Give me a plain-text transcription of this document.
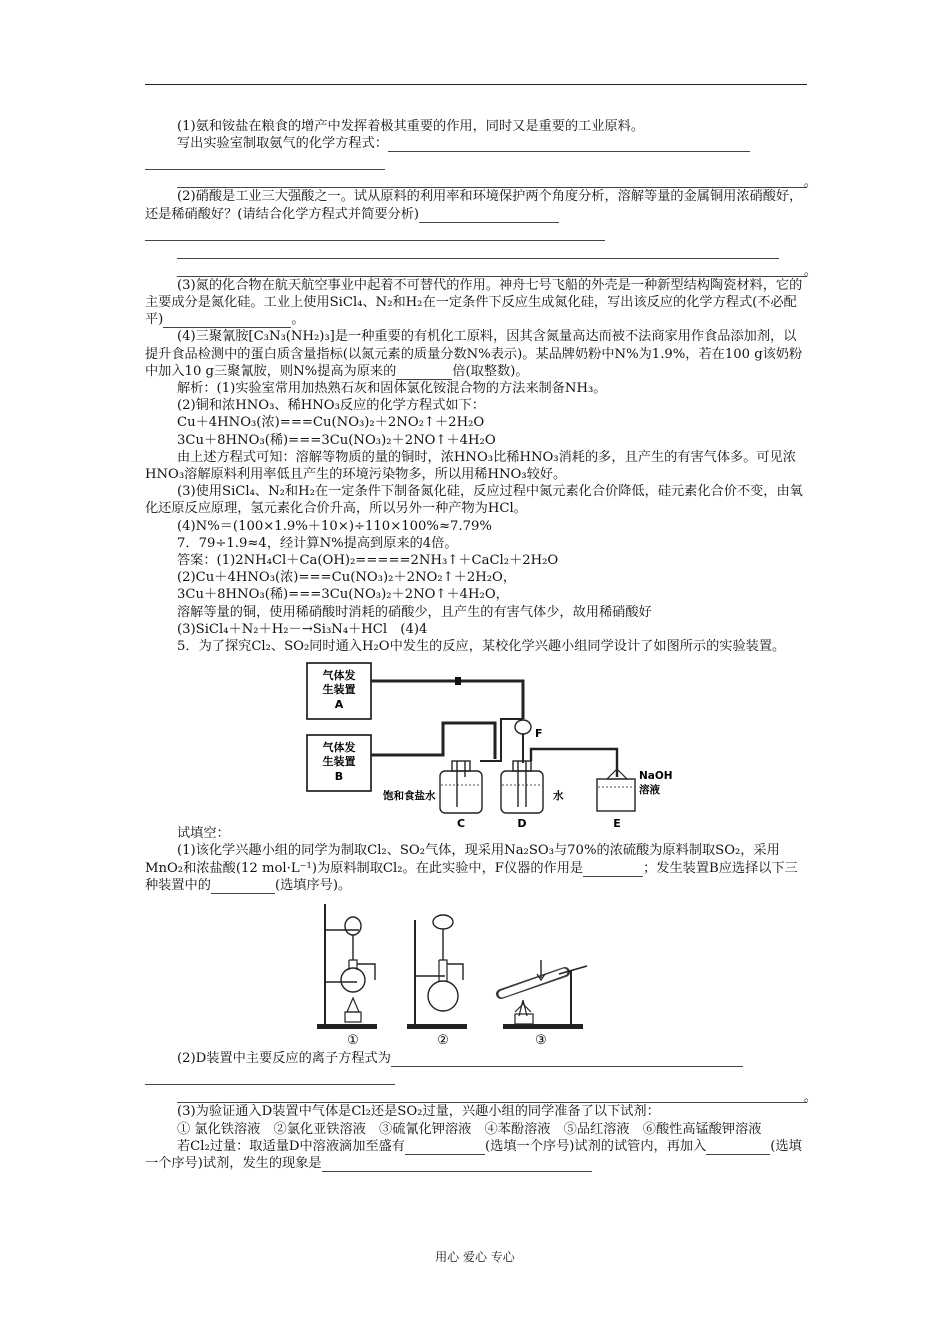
(1)氨和铵盐在粮食的增产中发挥着极其重要的作用，同时又是重要的工业原料。

写出实验室制取氨气的化学方程式：

。

(2)硝酸是工业三大强酸之一。试从原料的利用率和环境保护两个角度分析，溶解等量的金属铜用浓硝酸好，还是稀硝酸好？(请结合化学方程式并简要分析)

。

(3)氮的化合物在航天航空事业中起着不可替代的作用。神舟七号飞船的外壳是一种新型结构陶瓷材料，它的主要成分是氮化硅。工业上使用SiCl₄、N₂和H₂在一定条件下反应生成氮化硅，写出该反应的化学方程式(不必配平)	。

(4)三聚氰胺[C₃N₃(NH₂)₃]是一种重要的有机化工原料，因其含氮量高达而被不法商家用作食品添加剂，以提升食品检测中的蛋白质含量指标(以氮元素的质量分数N%表示)。某品牌奶粉中N%为1.9%，若在100 g该奶粉中加入10 g三聚氰胺，则N%提高为原来的	倍(取整数)。

解析：(1)实验室常用加热熟石灰和固体氯化铵混合物的方法来制备NH₃。

(2)铜和浓HNO₃、稀HNO₃反应的化学方程式如下：

Cu＋4HNO₃(浓)===Cu(NO₃)₂＋2NO₂↑＋2H₂O

3Cu＋8HNO₃(稀)===3Cu(NO₃)₂＋2NO↑＋4H₂O

由上述方程式可知：溶解等物质的量的铜时，浓HNO₃比稀HNO₃消耗的多，且产生的有害气体多。可见浓HNO₃溶解原料利用率低且产生的环境污染物多，所以用稀HNO₃较好。

(3)使用SiCl₄、N₂和H₂在一定条件下制备氮化硅，反应过程中氮元素化合价降低，硅元素化合价不变，由氧化还原反应原理，氢元素化合价升高，所以另外一种产物为HCl。

(4)N%＝(100×1.9%＋10×)÷110×100%≈7.79%

7．79÷1.9≈4，经计算N%提高到原来的4倍。

答案：(1)2NH₄Cl＋Ca(OH)₂=====2NH₃↑＋CaCl₂＋2H₂O

(2)Cu＋4HNO₃(浓)===Cu(NO₃)₂＋2NO₂↑＋2H₂O，

3Cu＋8HNO₃(稀)===3Cu(NO₃)₂＋2NO↑＋4H₂O，

溶解等量的铜，使用稀硝酸时消耗的硝酸少，且产生的有害气体少，故用稀硝酸好

(3)SiCl₄＋N₂＋H₂－→Si₃N₄＋HCl　(4)4

5．为了探究Cl₂、SO₂同时通入H₂O中发生的反应，某校化学兴趣小组同学设计了如图所示的实验装置。

气体发
生装置
A
气体发
生装置
B
F
C
饱和食盐水
D
水
E
NaOH
溶液

试填空：

(1)该化学兴趣小组的同学为制取Cl₂、SO₂气体，现采用Na₂SO₃与70%的浓硫酸为原料制取SO₂，采用MnO₂和浓盐酸(12 mol·L⁻¹)为原料制取Cl₂。在此实验中，F仪器的作用是	；发生装置B应选择以下三种装置中的	(选填序号)。

①	②	③

(2)D装置中主要反应的离子方程式为

。

(3)为验证通入D装置中气体是Cl₂还是SO₂过量，兴趣小组的同学准备了以下试剂：

① 氯化铁溶液　②氯化亚铁溶液　③硫氰化钾溶液　④苯酚溶液　⑤品红溶液　⑥酸性高锰酸钾溶液

若Cl₂过量：取适量D中溶液滴加至盛有	(选填一个序号)试剂的试管内，再加入	(选填一个序号)试剂，发生的现象是

用心 爱心 专心
